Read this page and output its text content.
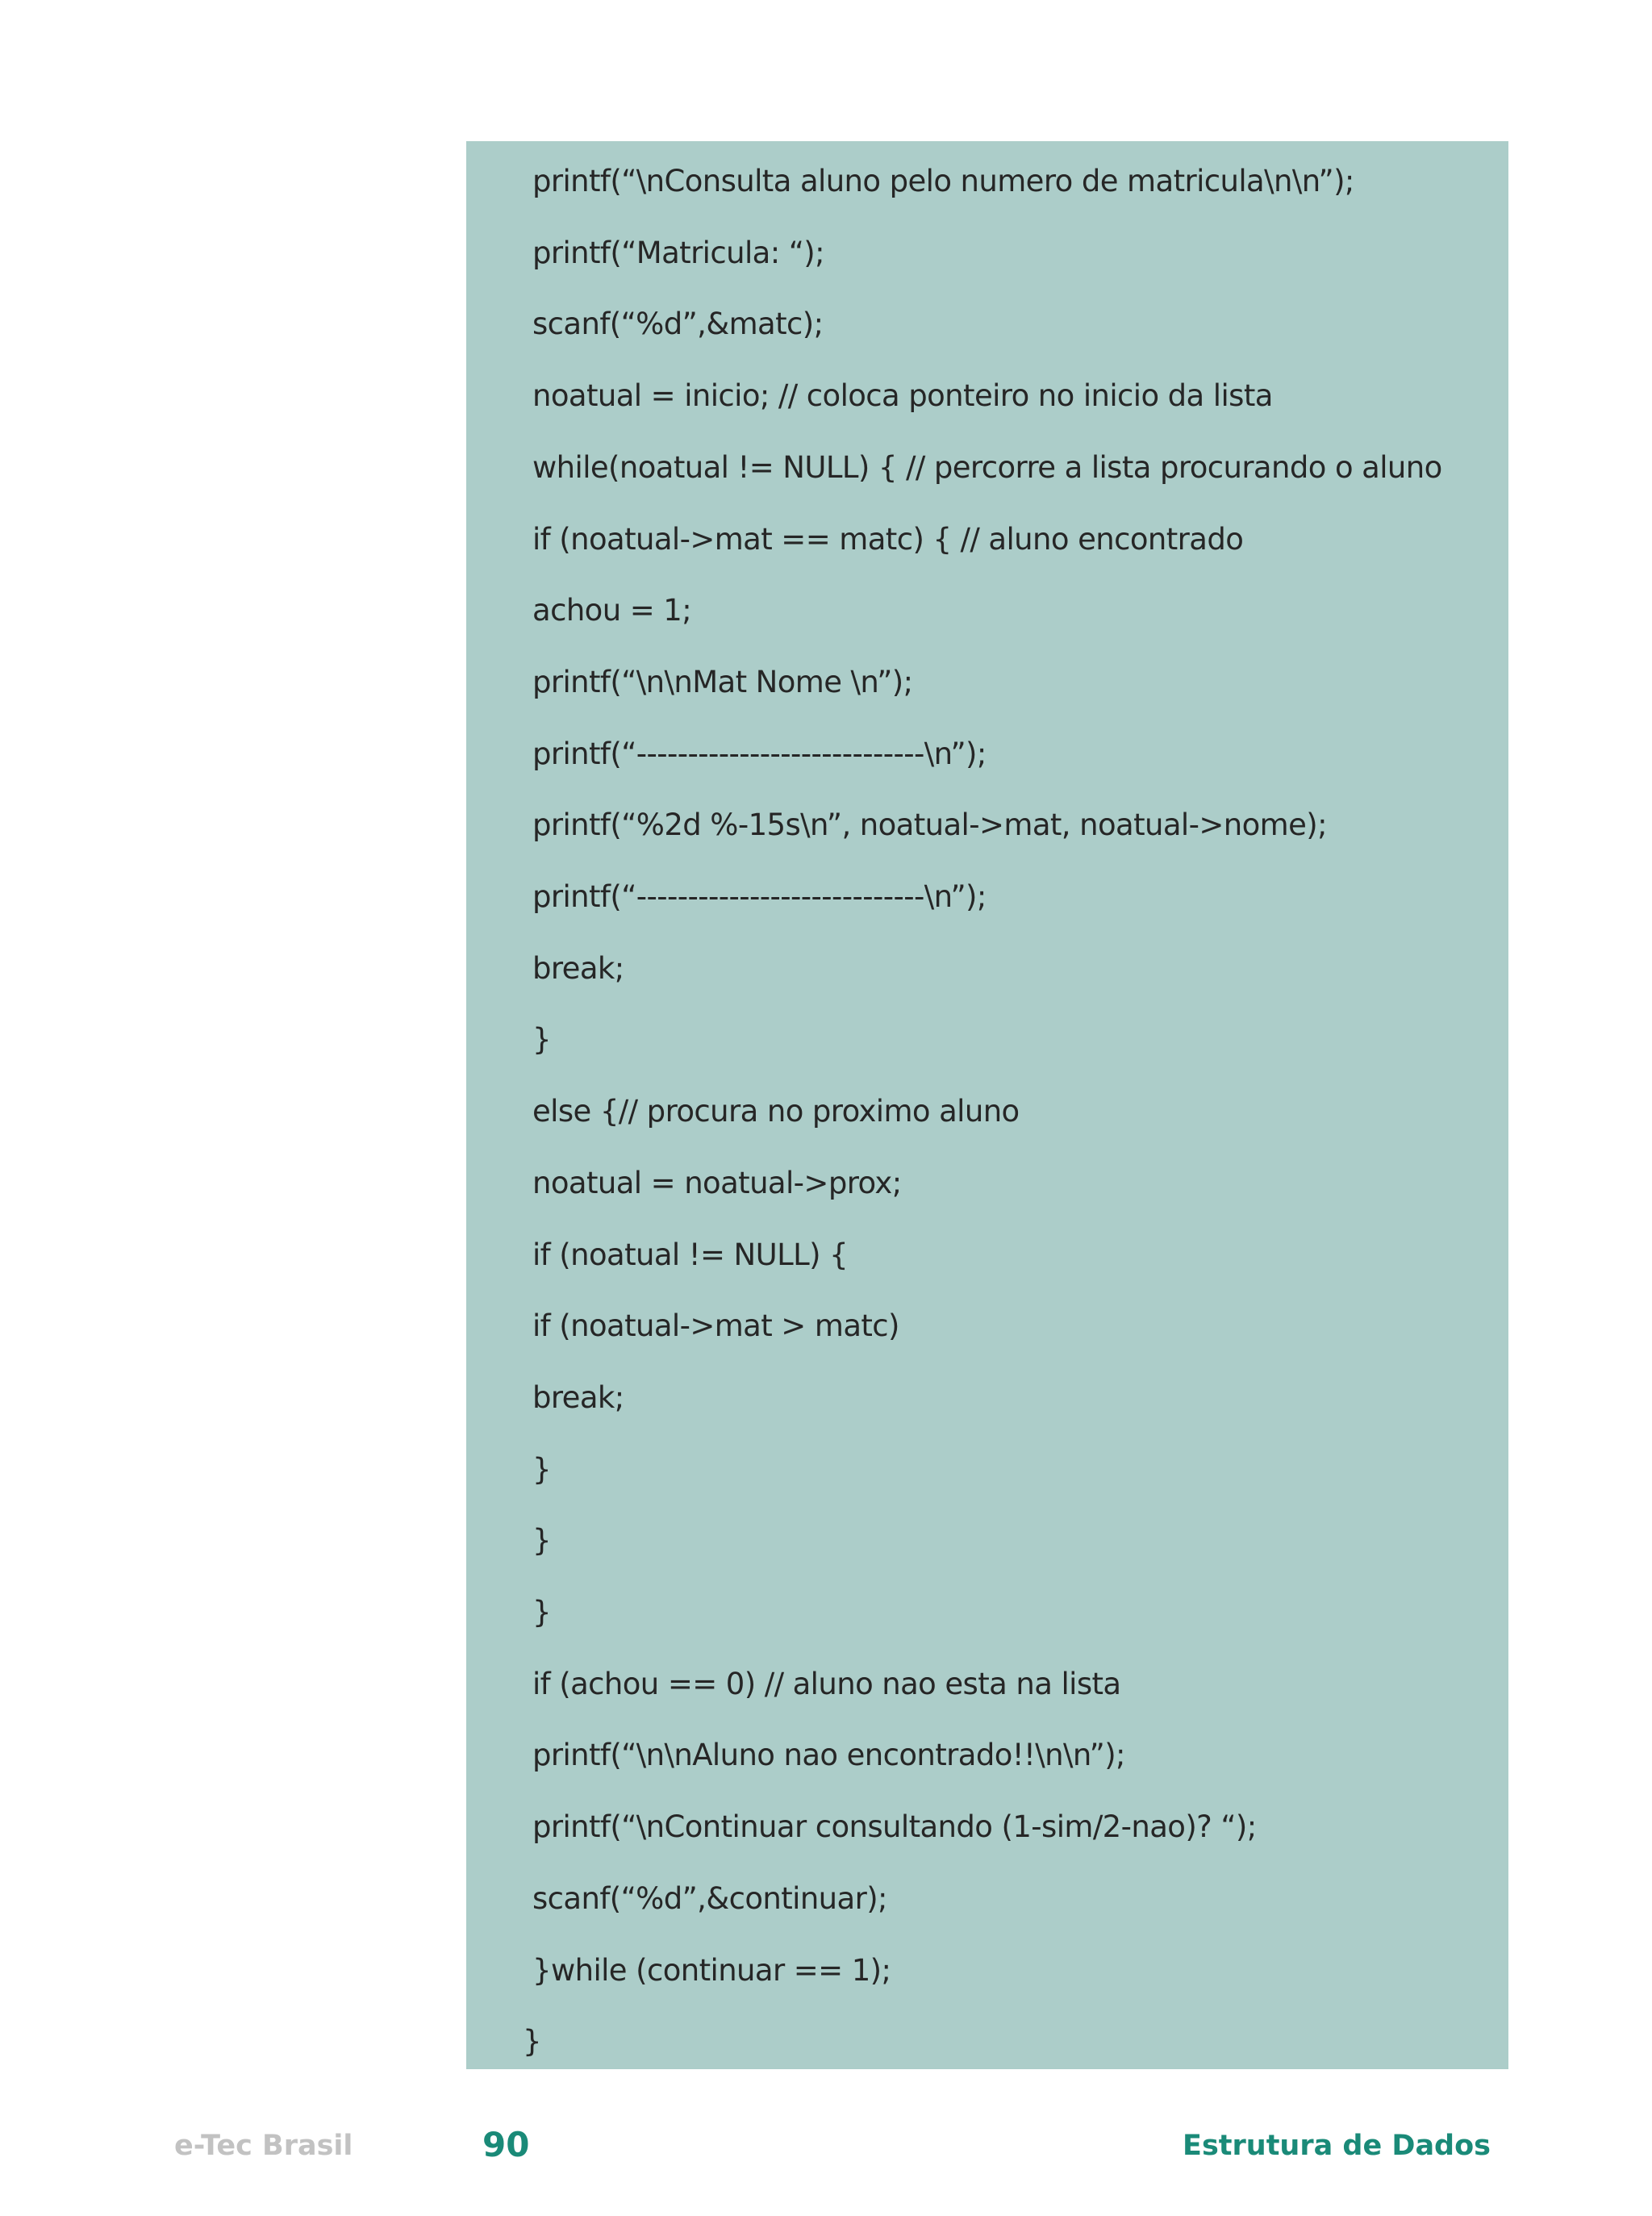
printf(“\nConsulta aluno pelo numero de matricula\n\n”);
printf(“Matricula: “);
scanf(“%d”,&matc);
noatual = inicio; // coloca ponteiro no inicio da lista
while(noatual != NULL) { // percorre a lista procurando o aluno
if (noatual->mat == matc) { // aluno encontrado
achou = 1;
printf(“\n\nMat Nome \n”);
printf(“----------------------------\n”);
printf(“%2d %-15s\n”, noatual->mat, noatual->nome);
printf(“----------------------------\n”);
break;
}
else {// procura no proximo aluno
noatual = noatual->prox;
if (noatual != NULL) {
if (noatual->mat > matc)
break;
}
}
}
if (achou == 0) // aluno nao esta na lista
printf(“\n\nAluno nao encontrado!!\n\n”);
printf(“\nContinuar consultando (1-sim/2-nao)? “);
scanf(“%d”,&continuar);
}while (continuar == 1);
}
e-Tec Brasil	90	Estrutura de Dados
